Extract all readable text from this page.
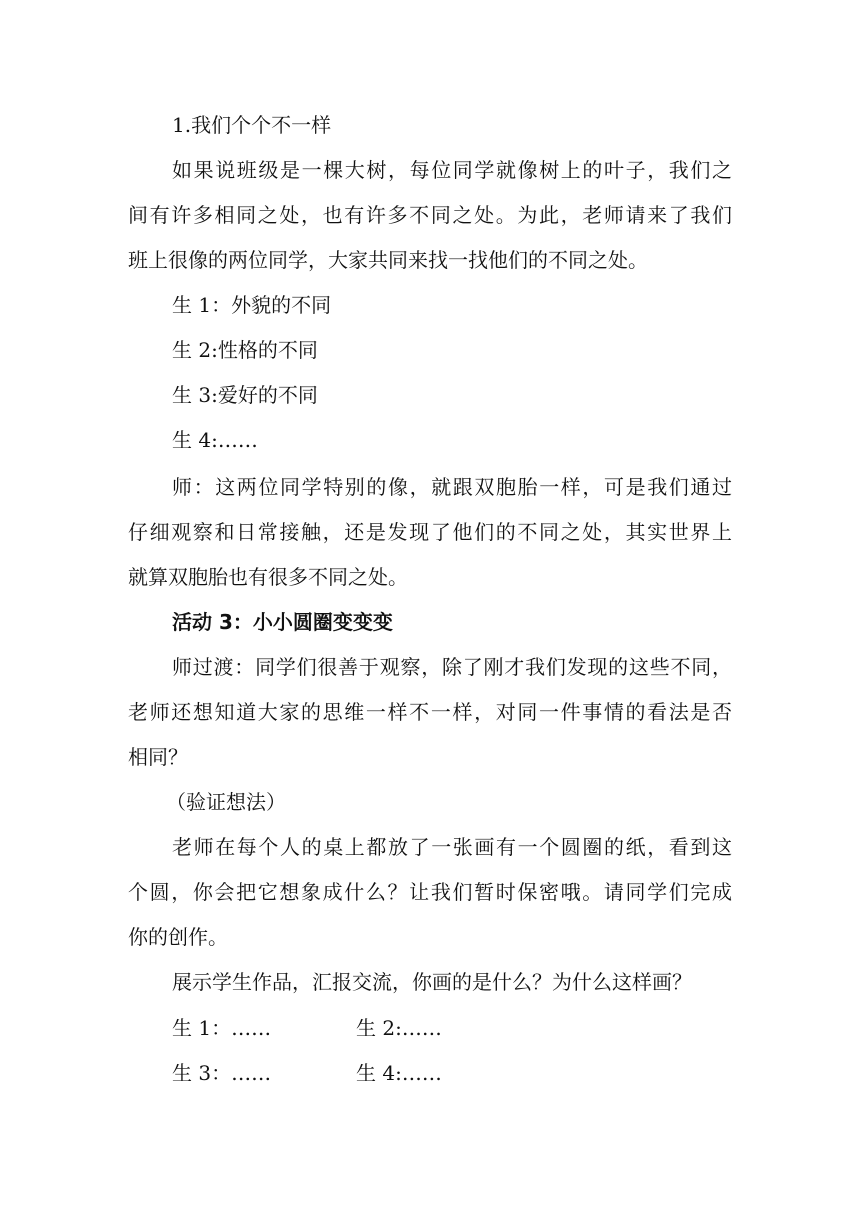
1.我们个个不一样
如果说班级是一棵大树，每位同学就像树上的叶子，我们之
间有许多相同之处，也有许多不同之处。为此，老师请来了我们
班上很像的两位同学，大家共同来找一找他们的不同之处。
生 1：外貌的不同
生 2:性格的不同
生 3:爱好的不同
生 4:……
师：这两位同学特别的像，就跟双胞胎一样，可是我们通过
仔细观察和日常接触，还是发现了他们的不同之处，其实世界上
就算双胞胎也有很多不同之处。
活动 3：小小圆圈变变变
师过渡：同学们很善于观察，除了刚才我们发现的这些不同，
老师还想知道大家的思维一样不一样，对同一件事情的看法是否
相同？
（验证想法）
老师在每个人的桌上都放了一张画有一个圆圈的纸，看到这
个圆，你会把它想象成什么？让我们暂时保密哦。请同学们完成
你的创作。
展示学生作品，汇报交流，你画的是什么？为什么这样画？
生 1：……	生 2:……
生 3：……	生 4:……
